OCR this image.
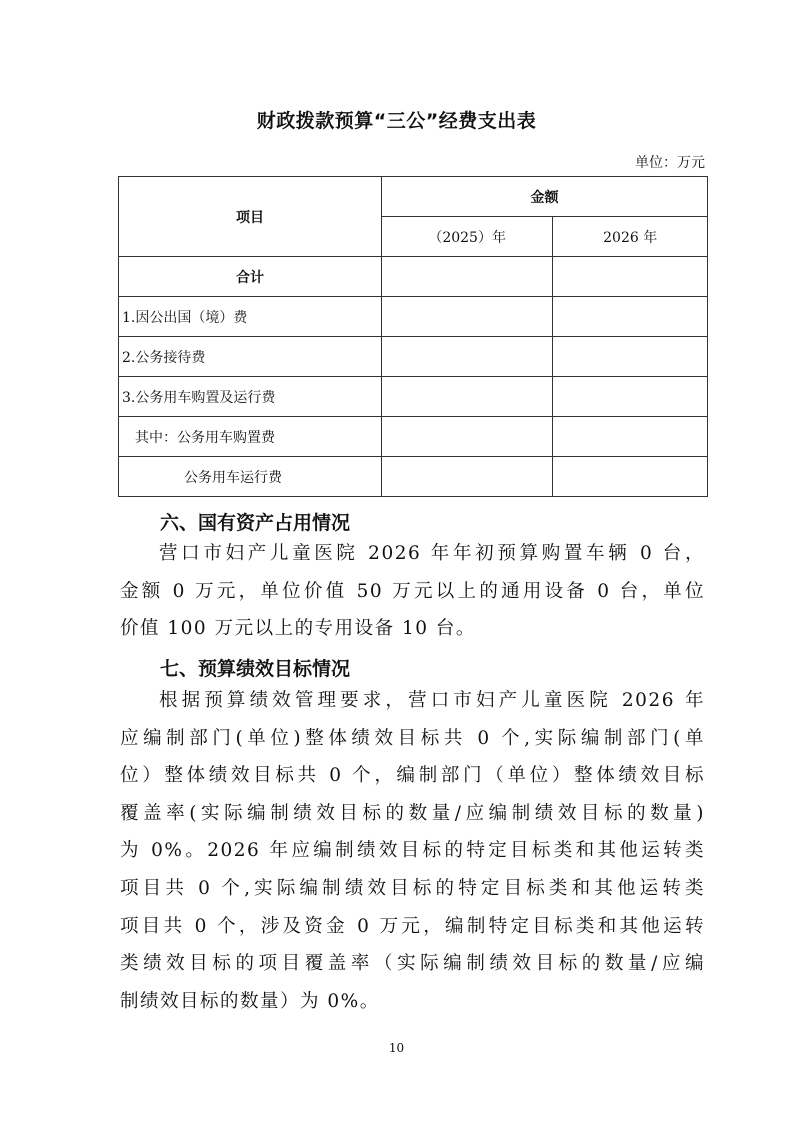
财政拨款预算“三公”经费支出表
单位：万元
项目	金额	
	（2025）年	2026 年
合计		
1.因公出国（境）费		
2.公务接待费		
3.公务用车购置及运行费		
其中：公务用车购置费		
公务用车运行费		
六、国有资产占用情况

营口市妇产儿童医院 2026 年年初预算购置车辆 0 台，

金额 0 万元，单位价值 50 万元以上的通用设备 0 台，单位

价值 100 万元以上的专用设备 10 台。

七、预算绩效目标情况

根据预算绩效管理要求，营口市妇产儿童医院 2026 年

应编制部门(单位)整体绩效目标共 0 个,实际编制部门(单

位）整体绩效目标共 0 个，编制部门（单位）整体绩效目标

覆盖率(实际编制绩效目标的数量/应编制绩效目标的数量)

为 0%。2026 年应编制绩效目标的特定目标类和其他运转类

项目共 0 个,实际编制绩效目标的特定目标类和其他运转类

项目共 0 个，涉及资金 0 万元，编制特定目标类和其他运转

类绩效目标的项目覆盖率（实际编制绩效目标的数量/应编

制绩效目标的数量）为 0%。

10
